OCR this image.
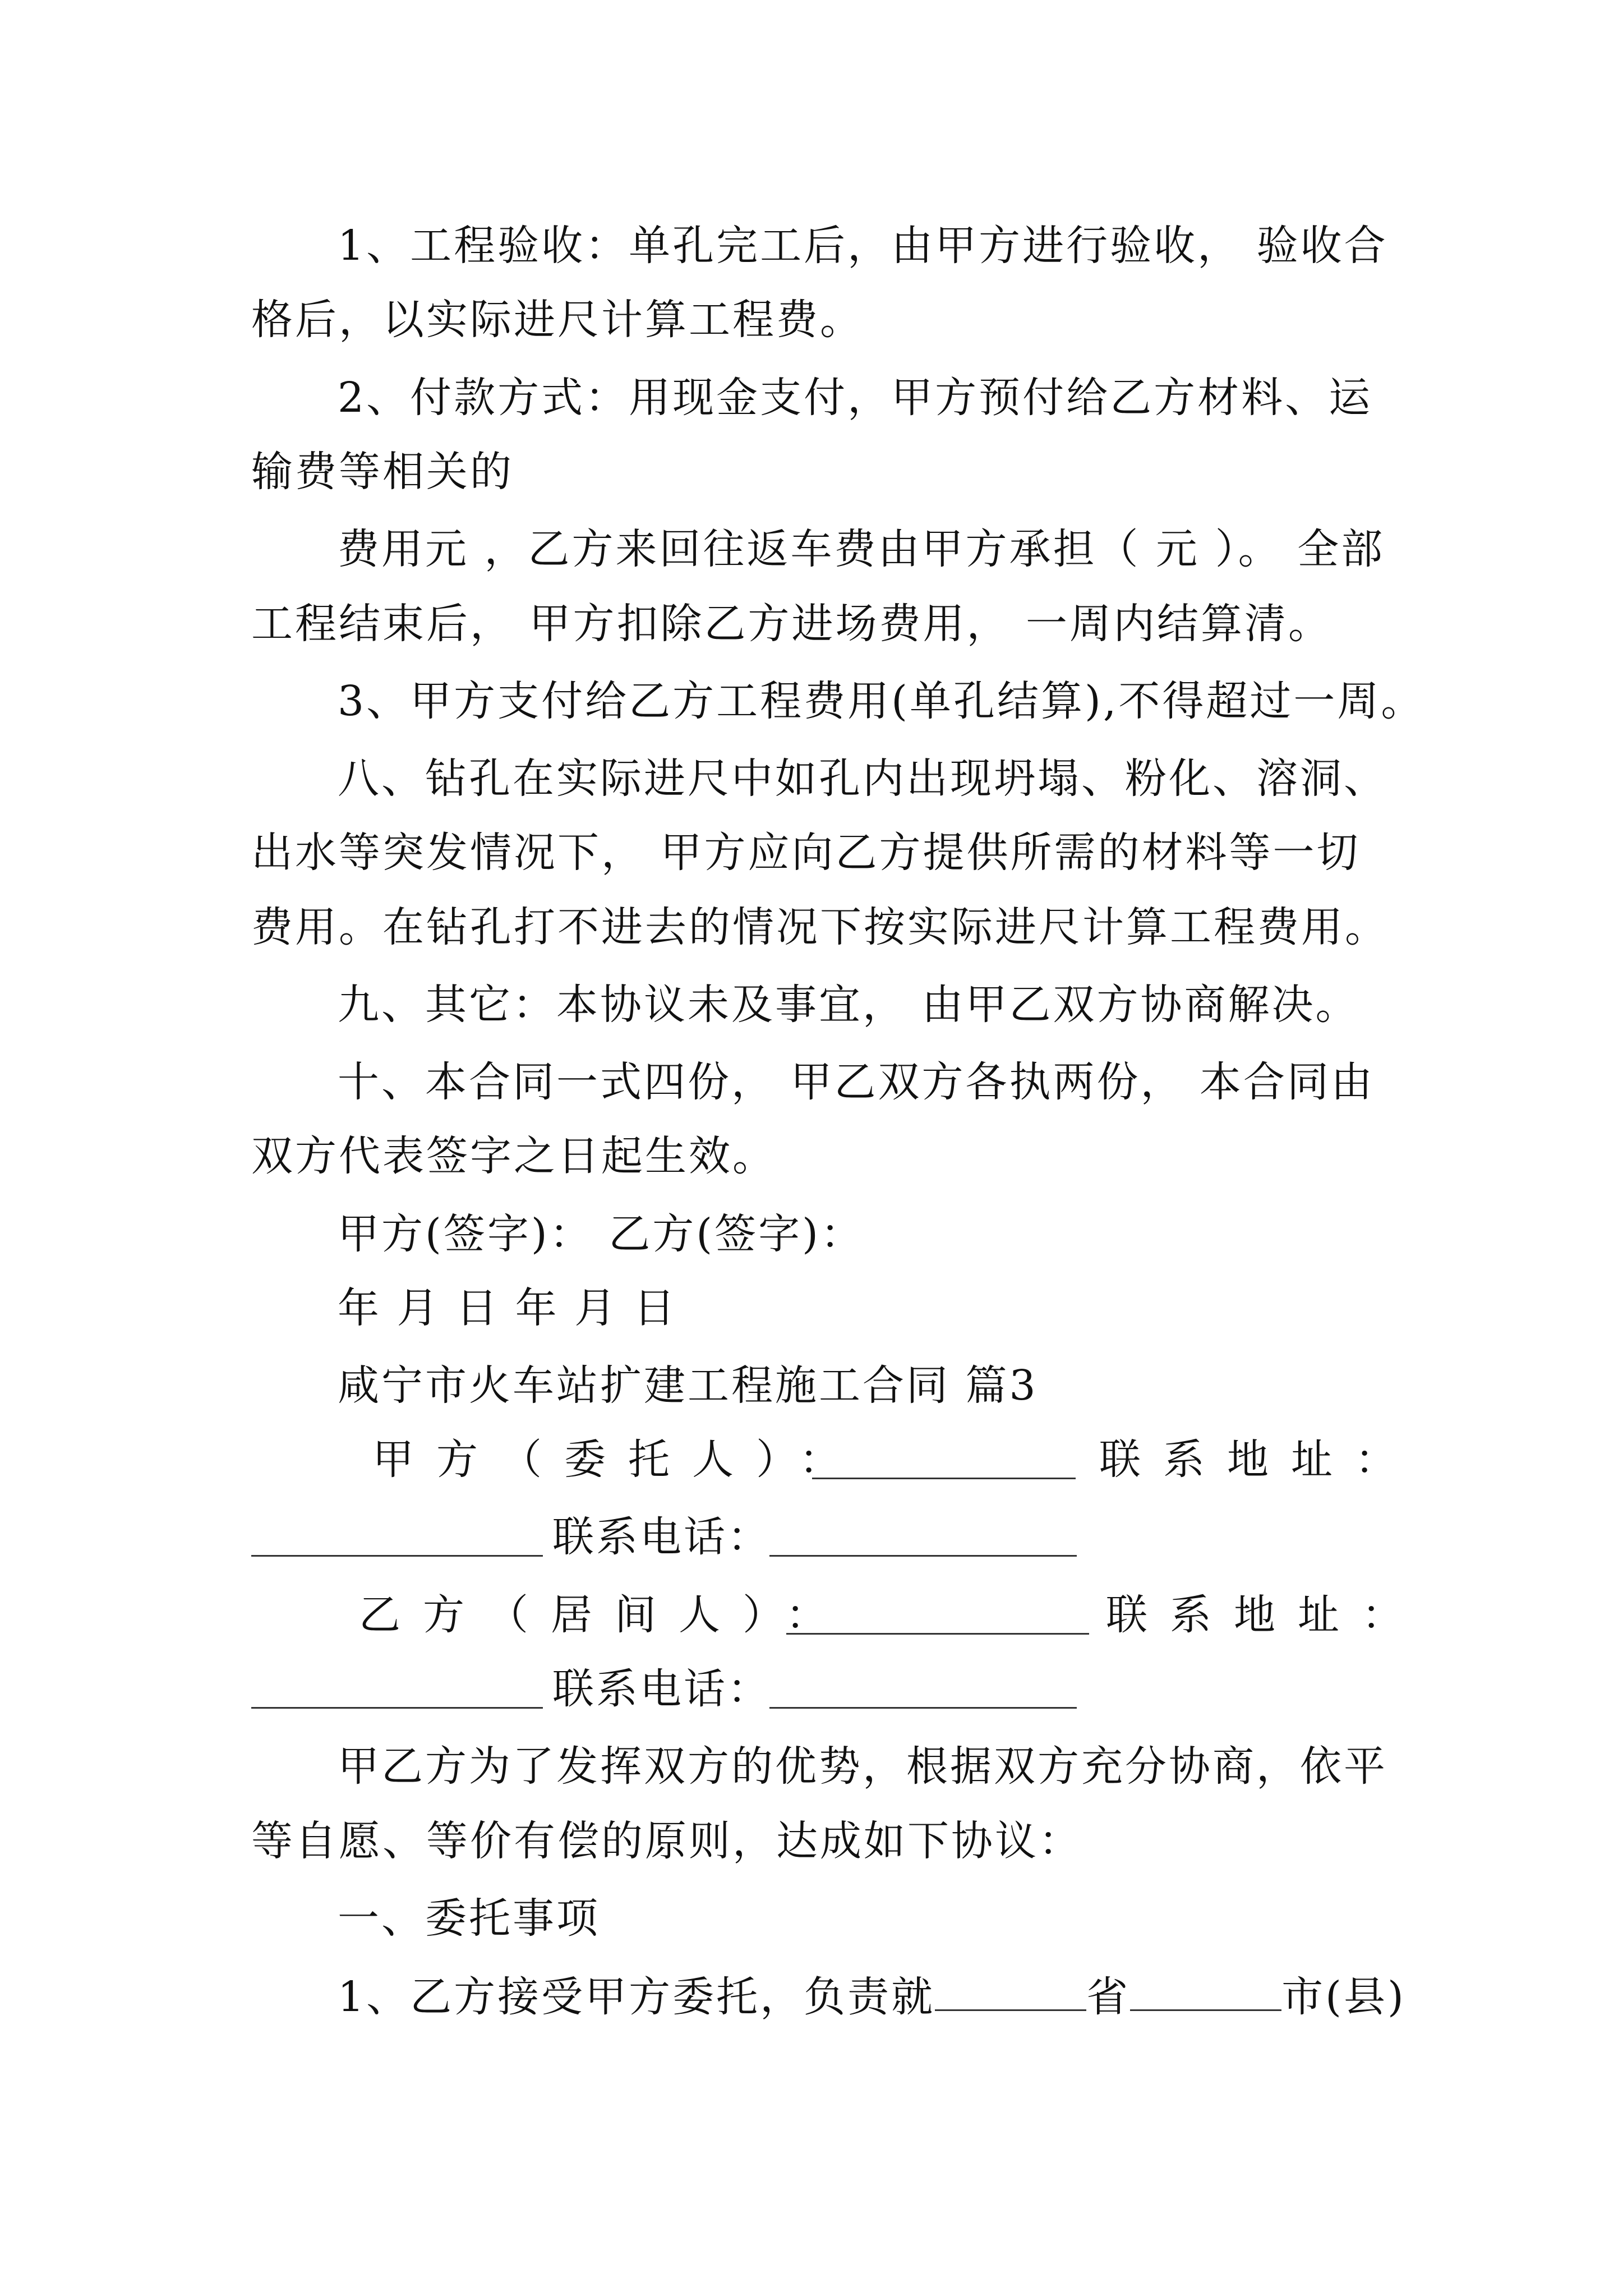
1、工程验收：单孔完工后，由甲方进行验收， 验收合
格后，以实际进尺计算工程费。
2、付款方式：用现金支付，甲方预付给乙方材料、运
输费等相关的
费用元 ，乙方来回往返车费由甲方承担（ 元 ）。 全部
工程结束后， 甲方扣除乙方进场费用， 一周内结算清。
3、甲方支付给乙方工程费用(单孔结算),不得超过一周。
八、钻孔在实际进尺中如孔内出现坍塌、粉化、溶洞、
出水等突发情况下， 甲方应向乙方提供所需的材料等一切
费用。在钻孔打不进去的情况下按实际进尺计算工程费用。
九、其它：本协议未及事宜， 由甲乙双方协商解决。
十、本合同一式四份， 甲乙双方各执两份， 本合同由
双方代表签字之日起生效。
甲方(签字)： 乙方(签字)：
年 月 日 年 月 日
咸宁市火车站扩建工程施工合同 篇3
甲方（委托人）：	联系地址：
联系电话：
乙方（居间人）：	联系地址：
联系电话：
甲乙方为了发挥双方的优势，根据双方充分协商，依平
等自愿、等价有偿的原则，达成如下协议：
一、委托事项
1、乙方接受甲方委托，负责就	省	市(县)
